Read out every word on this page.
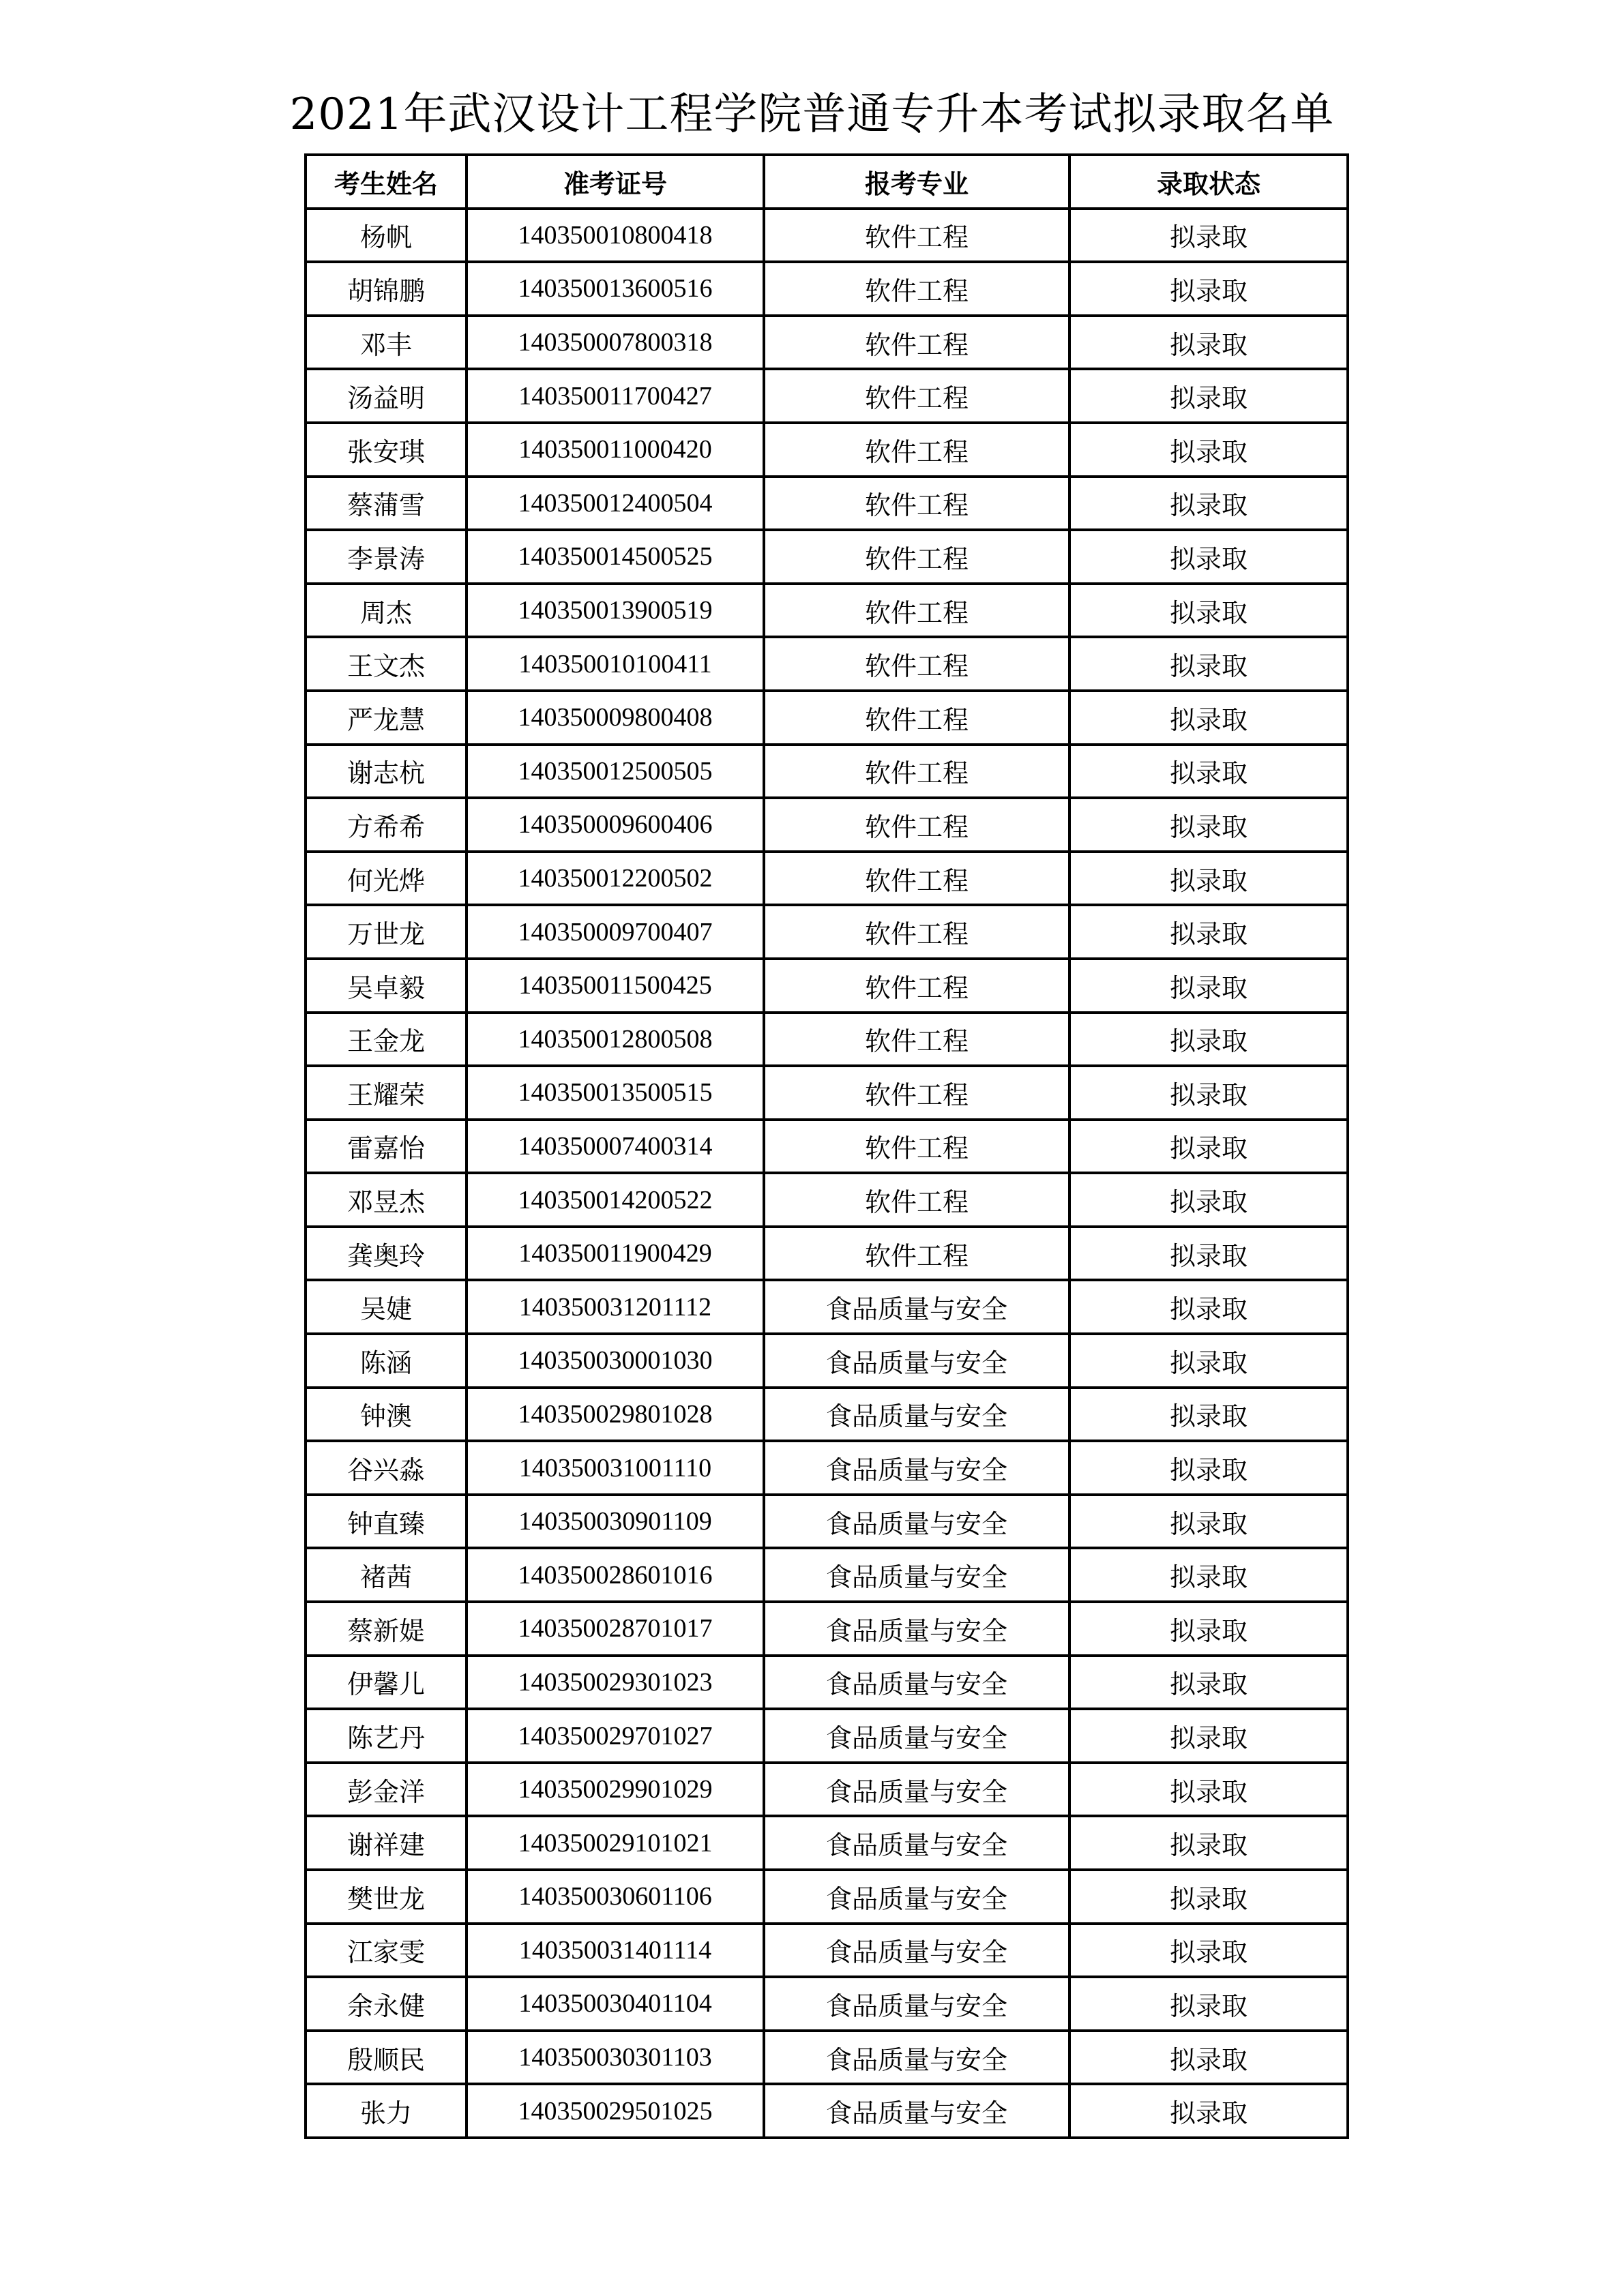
2021年武汉设计工程学院普通专升本考试拟录取名单
考生姓名	准考证号	报考专业	录取状态
杨帆	140350010800418	软件工程	拟录取
胡锦鹏	140350013600516	软件工程	拟录取
邓丰	140350007800318	软件工程	拟录取
汤益明	140350011700427	软件工程	拟录取
张安琪	140350011000420	软件工程	拟录取
蔡蒲雪	140350012400504	软件工程	拟录取
李景涛	140350014500525	软件工程	拟录取
周杰	140350013900519	软件工程	拟录取
王文杰	140350010100411	软件工程	拟录取
严龙慧	140350009800408	软件工程	拟录取
谢志杭	140350012500505	软件工程	拟录取
方希希	140350009600406	软件工程	拟录取
何光烨	140350012200502	软件工程	拟录取
万世龙	140350009700407	软件工程	拟录取
吴卓毅	140350011500425	软件工程	拟录取
王金龙	140350012800508	软件工程	拟录取
王耀荣	140350013500515	软件工程	拟录取
雷嘉怡	140350007400314	软件工程	拟录取
邓昱杰	140350014200522	软件工程	拟录取
龚奥玲	140350011900429	软件工程	拟录取
吴婕	140350031201112	食品质量与安全	拟录取
陈涵	140350030001030	食品质量与安全	拟录取
钟澳	140350029801028	食品质量与安全	拟录取
谷兴淼	140350031001110	食品质量与安全	拟录取
钟直臻	140350030901109	食品质量与安全	拟录取
褚茜	140350028601016	食品质量与安全	拟录取
蔡新媞	140350028701017	食品质量与安全	拟录取
伊馨儿	140350029301023	食品质量与安全	拟录取
陈艺丹	140350029701027	食品质量与安全	拟录取
彭金洋	140350029901029	食品质量与安全	拟录取
谢祥建	140350029101021	食品质量与安全	拟录取
樊世龙	140350030601106	食品质量与安全	拟录取
江家雯	140350031401114	食品质量与安全	拟录取
余永健	140350030401104	食品质量与安全	拟录取
殷顺民	140350030301103	食品质量与安全	拟录取
张力	140350029501025	食品质量与安全	拟录取
